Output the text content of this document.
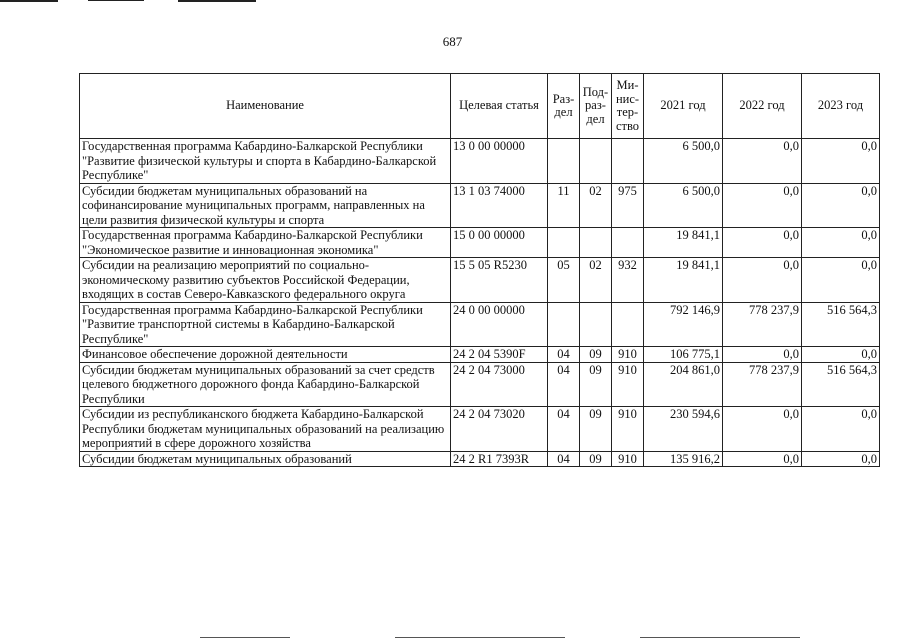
687
Наименование	Целевая статья	Раз-дел	Под-раз-дел	Ми-нис-тер-ство	2021 год	2022 год	2023 год
Государственная программа Кабардино-Балкарской Республики "Развитие физической культуры и спорта в Кабардино-Балкарской Республике"	13 0 00 00000				6 500,0	0,0	0,0
Субсидии бюджетам муниципальных образований на софинансирование муниципальных программ, направленных на цели развития физической культуры и спорта	13 1 03 74000	11	02	975	6 500,0	0,0	0,0
Государственная программа Кабардино-Балкарской Республики "Экономическое развитие и инновационная экономика"	15 0 00 00000				19 841,1	0,0	0,0
Субсидии на реализацию мероприятий по социально-экономическому развитию субъектов Российской Федерации, входящих в состав Северо-Кавказского федерального округа	15 5 05 R5230	05	02	932	19 841,1	0,0	0,0
Государственная программа Кабардино-Балкарской Республики "Развитие транспортной системы в Кабардино-Балкарской Республике"	24 0 00 00000				792 146,9	778 237,9	516 564,3
Финансовое обеспечение дорожной деятельности	24 2 04 5390F	04	09	910	106 775,1	0,0	0,0
Субсидии бюджетам муниципальных образований за счет средств целевого бюджетного дорожного фонда Кабардино-Балкарской Республики	24 2 04 73000	04	09	910	204 861,0	778 237,9	516 564,3
Субсидии из республиканского бюджета Кабардино-Балкарской Республики бюджетам муниципальных образований на реализацию мероприятий в сфере дорожного хозяйства	24 2 04 73020	04	09	910	230 594,6	0,0	0,0
Субсидии бюджетам муниципальных образований	24 2 R1 7393R	04	09	910	135 916,2	0,0	0,0
